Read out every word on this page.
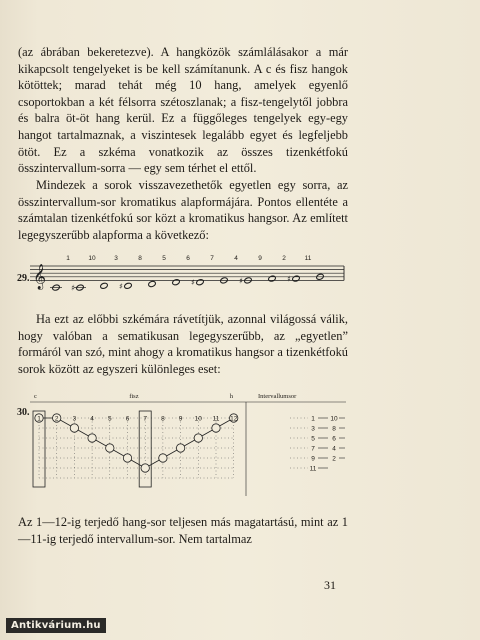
(az ábrában bekeretezve). A hangközök számlálásakor a már kikapcsolt tengelyeket is be kell számítanunk. A c és fisz hangok kötöttek; marad tehát még 10 hang, amelyek egyenlő csoportokban a két félsorra szétoszlanak; a fisz-tengelytől jobbra és balra öt-öt hang kerül. Ez a függőleges tengelyek egy-egy hangot tartalmaznak, a viszintesek legalább egyet és legfeljebb ötöt. Ez a szkéma vonatkozik az összes tizenkétfokú összintervallum-sorra — egy sem térhet el ettől.

Mindezek a sorok visszavezethetők egyetlen egy sorra, az összintervallum-sor kromatikus alapformájára. Pontos ellentéte a számtalan tizenkétfokú sor közt a kromatikus hangsor. Az említett legegyszerűbb alapforma a következő:

29. 𝄞	♯	♯	♯	♯	♯
1	10	3	8	5	6	7	4	9	2	11

Ha ezt az előbbi szkémára rávetítjük, azonnal világossá válik, hogy valóban a sematikusan legegyszerűbb, az „egyetlen” formáról van szó, mint ahogy a kromatikus hangsor a tizenkétfokú sorok között az egyszeri különleges eset:

30.
c	fisz	h	Intervallumsor
3 4 5 6 7 8 9 10 11
1 2	12	1 10
3	8
5	6
7	4
9	2
11

Az 1—12-ig terjedő hang-sor teljesen más magatartású, mint az 1—11-ig terjedő intervallum-sor. Nem tartalmaz

31
Antikvárium.hu
